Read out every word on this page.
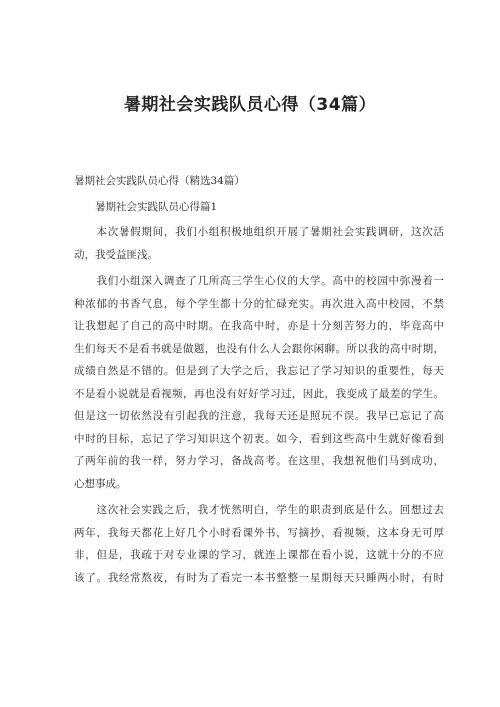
暑期社会实践队员心得（34篇）
暑期社会实践队员心得（精选34篇）
暑期社会实践队员心得篇1
　　本次暑假期间，我们小组积极地组织开展了暑期社会实践调研，这次活
动，我受益匪浅。
　　我们小组深入调查了几所高三学生心仪的大学。高中的校园中弥漫着一
种浓郁的书香气息，每个学生都十分的忙碌充实。再次进入高中校园，不禁
让我想起了自己的高中时期。在我高中时，亦是十分刻苦努力的，毕竟高中
生们每天不是看书就是做题，也没有什么人会跟你闲聊。所以我的高中时期，
成绩自然是不错的。但是到了大学之后，我忘记了学习知识的重要性，每天
不是看小说就是看视频，再也没有好好学习过，因此，我变成了最差的学生。
但是这一切依然没有引起我的注意，我每天还是照玩不误。我早已忘记了高
中时的目标，忘记了学习知识这个初衷。如今，看到这些高中生就好像看到
了两年前的我一样，努力学习，备战高考。在这里，我想祝他们马到成功，
心想事成。
　　这次社会实践之后，我才恍然明白，学生的职责到底是什么。回想过去
两年，我每天都花上好几个小时看课外书，写摘抄，看视频，这本身无可厚
非，但是，我疏于对专业课的学习，就连上课都在看小说，这就十分的不应
该了。我经常熬夜，有时为了看完一本书整整一星期每天只睡两小时，有时
